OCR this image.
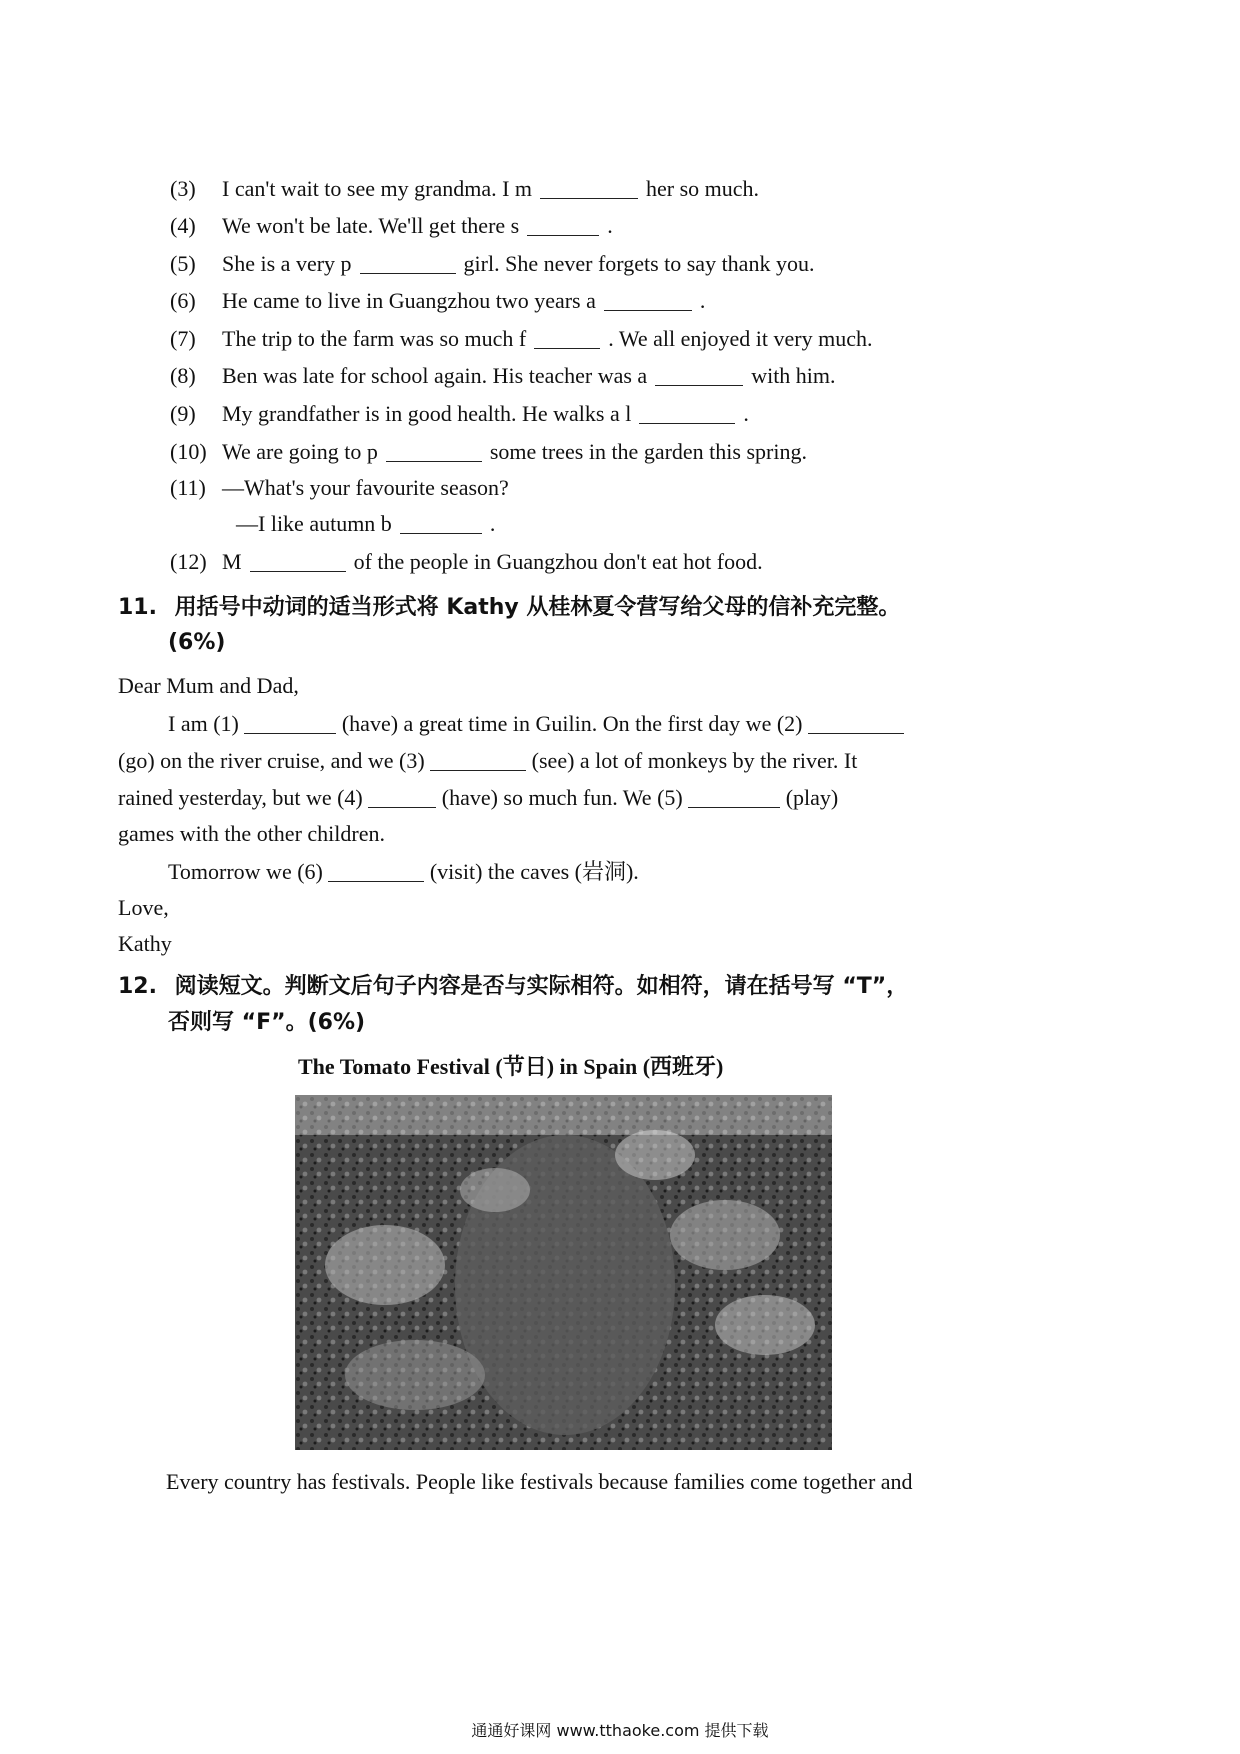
(3) I can't wait to see my grandma. I m	her so much.
(4) We won't be late. We'll get there s	.
(5) She is a very p	girl. She never forgets to say thank you.
(6) He came to live in Guangzhou two years a	.
(7) The trip to the farm was so much f	. We all enjoyed it very much.
(8) Ben was late for school again. His teacher was a	with him.
(9) My grandfather is in good health. He walks a l	.
(10) We are going to p	some trees in the garden this spring.
(11) —What's your favourite season?
—I like autumn b	.
(12) M	of the people in Guangzhou don't eat hot food.
11. 用括号中动词的适当形式将 Kathy 从桂林夏令营写给父母的信补充完整。
(6%)
Dear Mum and Dad,
I am (1)	(have) a great time in Guilin. On the first day we (2)
(go) on the river cruise, and we (3)	(see) a lot of monkeys by the river. It
rained yesterday, but we (4)	(have) so much fun. We (5)	(play)
games with the other children.
Tomorrow we (6)	(visit) the caves (岩洞).
Love,
Kathy
12. 阅读短文。判断文后句子内容是否与实际相符。如相符，请在括号写 “T”，
否则写 “F”。(6%)
The Tomato Festival (节日) in Spain (西班牙)
Every country has festivals. People like festivals because families come together and
通通好课网 www.tthaoke.com 提供下载
